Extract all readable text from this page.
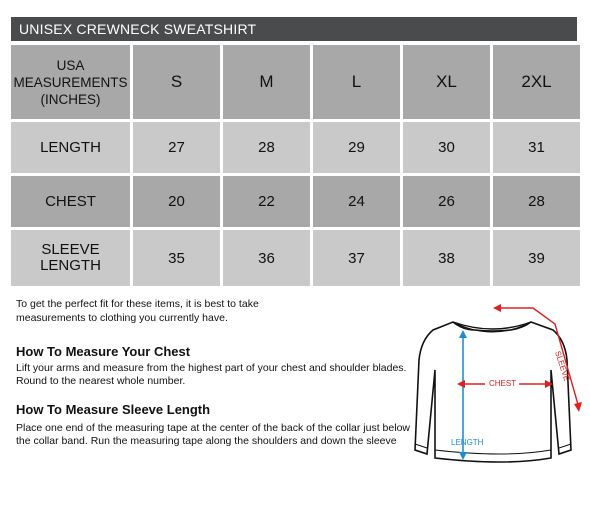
UNISEX CREWNECK SWEATSHIRT
USA
MEASUREMENTS
(INCHES)
S	M	L	XL	2XL
LENGTH	27	28	29	30	31
CHEST	20	22	24	26	28
SLEEVE
LENGTH	35	36	37	38	39
To get the perfect fit for these items, it is best to take
measurements to clothing you currently have.
How To Measure Your Chest
Lift your arms and measure from the highest part of your chest and shoulder blades.
Round to the nearest whole number.
How To Measure Sleeve Length
Place one end of the measuring tape at the center of the back of the collar just below
the collar band. Run the measuring tape along the shoulders and down the sleeve	LENGTH
CHEST
SLEEVE
